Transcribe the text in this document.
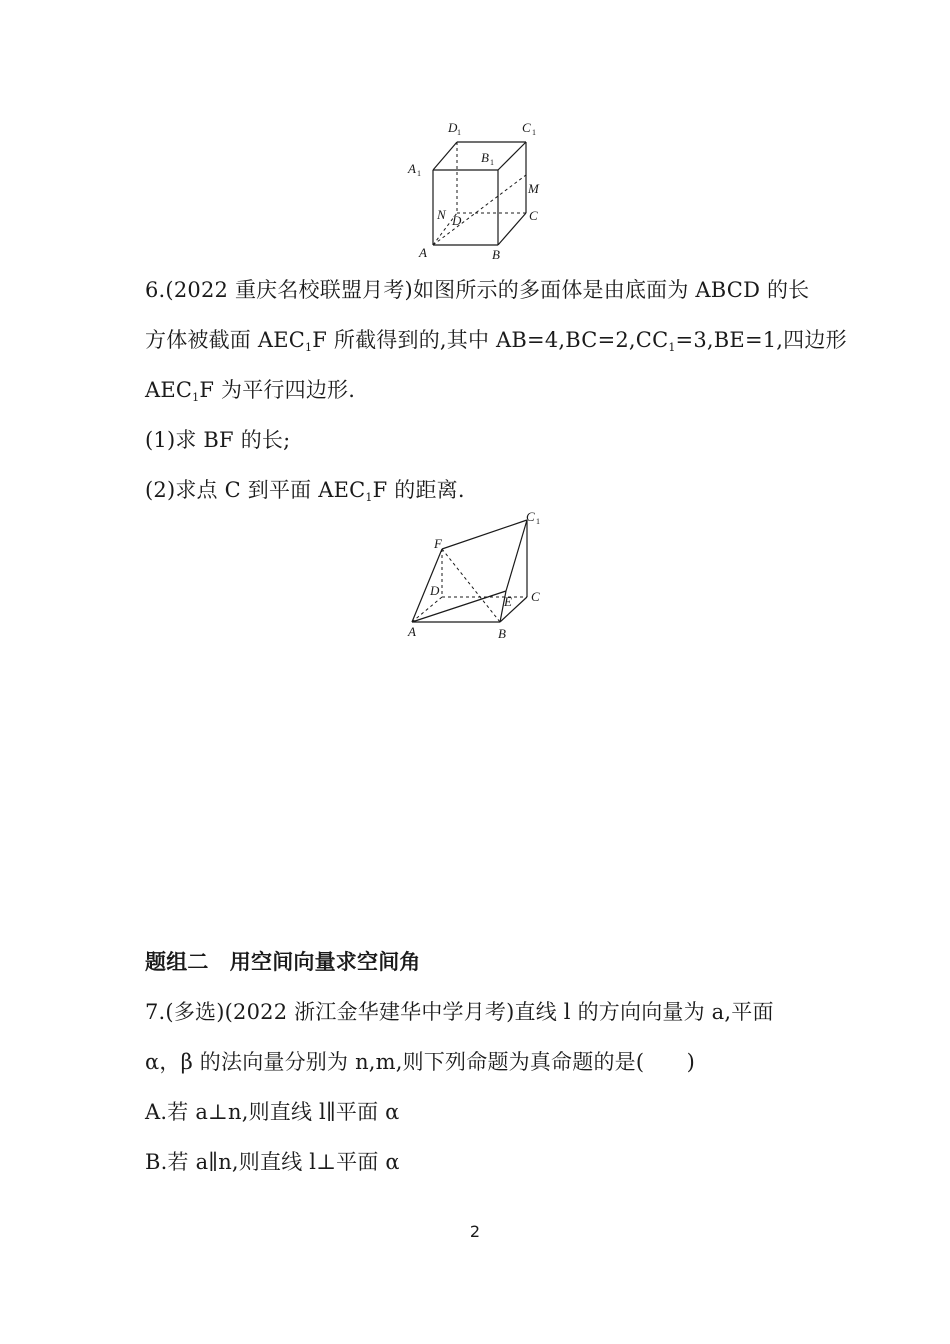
D 1	C 1
A 1
B 1
M
N D	C
A	B
6.(2022 重庆名校联盟月考)如图所示的多面体是由底面为 ABCD 的长
方体被截面 AEC1F 所截得到的,其中 AB=4,BC=2,CC1=3,BE=1,四边形
AEC1F 为平行四边形.
(1)求 BF 的长;
(2)求点 C 到平面 AEC1F 的距离.
C 1
F
D
E C
A	B
题组二　用空间向量求空间角
7.(多选)(2022 浙江金华建华中学月考)直线 l 的方向向量为 a,平面
α，β 的法向量分别为 n,m,则下列命题为真命题的是(　　)
A.若 a⊥n,则直线 l∥平面 α
B.若 a∥n,则直线 l⊥平面 α
2
